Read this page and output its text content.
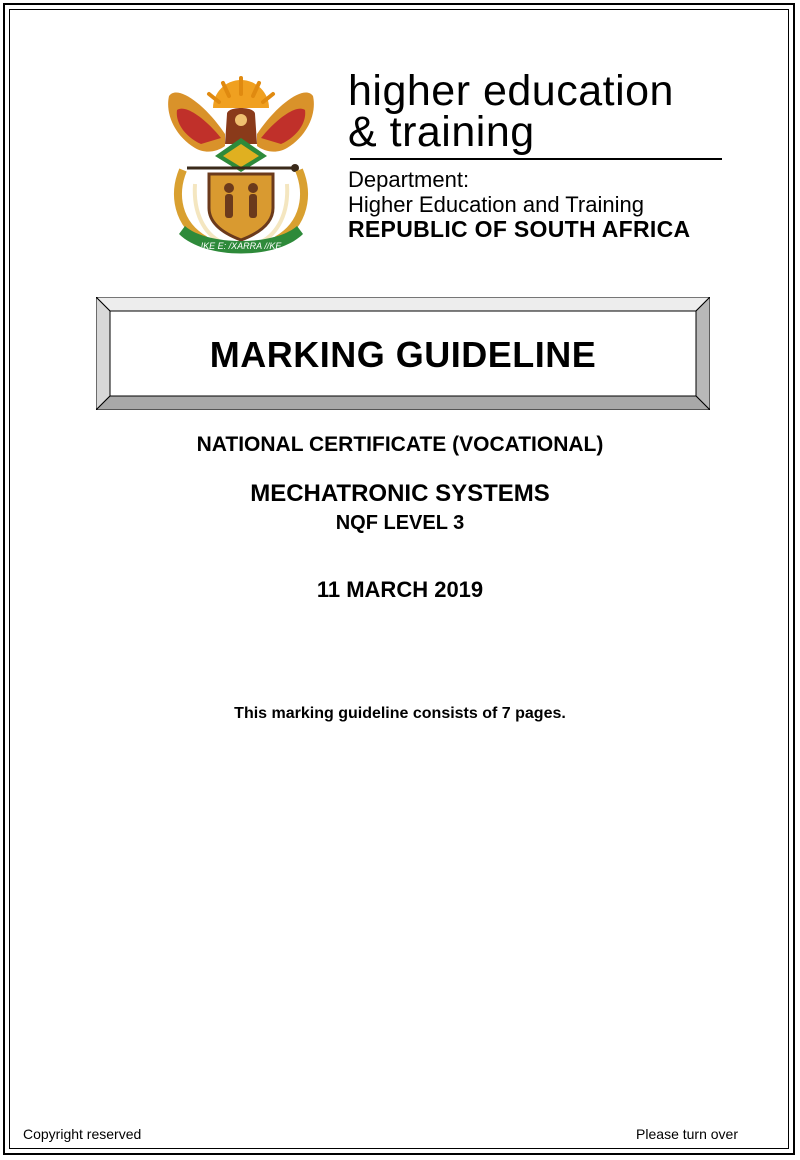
!KE E: /XARRA //KE
higher education
& training
Department:
Higher Education and Training
REPUBLIC OF SOUTH AFRICA
MARKING GUIDELINE
NATIONAL CERTIFICATE (VOCATIONAL)
MECHATRONIC SYSTEMS
NQF LEVEL 3
11 MARCH 2019
This marking guideline consists of 7 pages.
Copyright reserved	Please turn over
